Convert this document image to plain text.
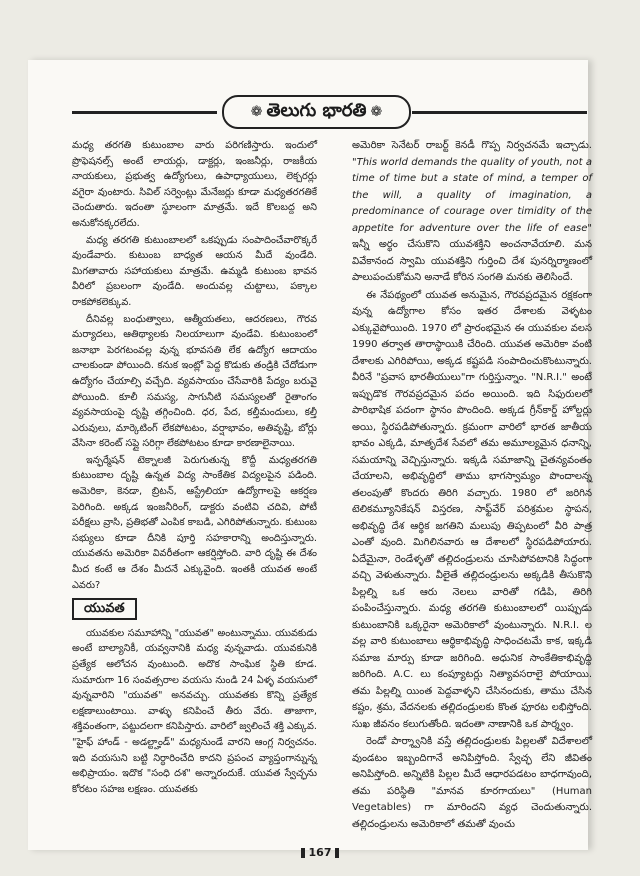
❁ తెలుగు భారతి ❁

మధ్య తరగతి కుటుంబాల వారు పరిగణిస్తారు. ఇందులో ప్రొఫెషనల్స్ అంటే లాయర్లు, డాక్టర్లు, ఇంజనీర్లు, రాజకీయ నాయకులు, ప్రభుత్వ ఉద్యోగులు, ఉపాధ్యాయులు, లెక్చరర్లు వగైరా వుంటారు. సివిల్ సర్వెంట్లు మేనేజర్లు కూడా మధ్యతరగతికే చెందుతారు. ఇదంతా స్థూలంగా మాత్రమే. ఇదే కొలబద్ద అని అనుకోనక్కరలేదు.

మధ్య తరగతి కుటుంబాలలో ఒకప్పుడు సంపాదించేవారొక్కరే వుండేవారు. కుటుంబ బాధ్యత ఆయన మీదే వుండేది. మిగతావారు సహాయకులు మాత్రమే. ఉమ్మడి కుటుంబ భావన వీరిలో ప్రబలంగా వుండేది. అందువల్ల చుట్టాలు, పక్కాల రాకపోకలెక్కువ.

దీనివల్ల బంధుత్వాలు, ఆత్మీయతలు, ఆదరణలు, గౌరవ మర్యాదలు, ఆతిథ్యాలకు నిలయాలుగా వుండేవి. కుటుంబంలో జనాభా పెరగటంవల్ల వున్న భూవసతి లేక ఉద్యోగ ఆదాయం చాలకుండా పోయింది. కనుక ఇంట్లో పెద్ద కొడుకు తండ్రికి చేదోడుగా ఉద్యోగం చేయాల్సి వచ్చేది. వ్యవసాయం చేసేవారికి పేద్యం బరువై పోయింది. కూలీ సమస్య, సాగునీటి సమస్యలతో రైతాంగం వ్యవసాయంపై దృష్టి తగ్గించింది. ధర, పేద, కల్తీమందులు, కల్తీ ఎరువులు, మార్కెటింగ్ లేకపోటటం, వర్షాభావం, అతివృష్టి, బోర్లు వేసినా కరెంట్ సప్లై సరిగ్గా లేకపోటటం కూడా కారణాలైనాయి.

ఇన్ఫర్మేషన్ టెక్నాలజీ పెరుగుతున్న కొద్దీ మధ్యతరగతి కుటుంబాల దృష్టి ఉన్నత విద్య సాంకేతిక విద్యలపైన పడింది. అమెరికా, కెనడా, బ్రిటన్, ఆస్ట్రేలియా ఉద్యోగాలపై ఆకర్షణ పెరిగింది. అక్కడ ఇంజనీరింగ్, డాక్టరు వంటివి చదివి, పోటీ పరీక్షలు వ్రాసి, ప్రతిభతో ఎంపిక కాబడి, ఎగిరిపోతున్నారు. కుటుంబ సభ్యులు కూడా దీనికి పూర్తి సహకారాన్ని అందిస్తున్నారు. యువతను అమెరికా వివరీతంగా ఆకర్షిస్తోంది. వారి దృష్టి ఈ దేశం మీద కంటే ఆ దేశం మీదనే ఎక్కువైంది. ఇంతకీ యువత అంటే ఎవరు?

యువత

యువకుల సమూహాన్ని "యువత" అంటున్నాము. యువకుడు అంటే బాల్యానికీ, యవ్వనానికి మధ్య వున్నవాడు. యువకునికి ప్రత్యేక ఆలోచన వుంటుంది. అదొక సాంఘిక స్థితి కూడ. సుమారుగా 16 సంవత్సరాల వయసు నుండి 24 ఏళ్ళ వయసులో వున్నవారిని "యువత" అనవచ్చు. యువతకు కొన్ని ప్రత్యేక లక్షణాలుంటాయి. వాళ్ళు కనిపించే తీరు వేరు. తాజాగా, శక్తివంతంగా, పట్టుదలగా కనిపిస్తారు. వారిలో జ్వలించే శక్తి ఎక్కువ. "హైఫ్ హాండ్ - అడల్ట్హాండ్" మధ్యనుండే వారని ఆంగ్ల నిర్వచనం. ఇది వయసుని బట్టి నిర్ధారించేది కాదని ప్రపంచ వ్యాప్తంగాన్నున్న అభిప్రాయం. ఇదొక "సంధి దశ" అన్నారందుకే. యువత స్వేచ్ఛను కోరటం సహజ లక్షణం. యువతకు

అమెరికా సెనేటర్ రాబర్ట్ కెనడీ గొప్ప నిర్వచనమే ఇచ్చాడు. "This world demands the quality of youth, not a time of time but a state of mind, a temper of the will, a quality of imagination, a predominance of courage over timidity of the appetite for adventure over the life of ease" ఇన్నీ అర్థం చేసుకొని యువశక్తిని అంచనావేయాలి. మన వివేకానంద స్వామి యువశక్తిని గుర్తించి దేశ పునర్నిర్మాణంలో పాలుపంచుకోమని అనాడే కోరిన సంగతి మనకు తెలిసిందే.

ఈ నేపథ్యంలో యువత అనుమైన, గౌరవప్రదమైన రక్షకంగా వున్న ఉద్యోగాల కోసం ఇతర దేశాలకు వెళ్ళటం ఎక్కువైపోయింది. 1970 లో ప్రారంభమైన ఈ యువకుల వలస 1990 తర్వాత తారాస్థాయికి చేరింది. యువత అమెరికా వంటి దేశాలకు ఎగిరిపోయి, అక్కడ కష్టపడి సంపాదించుకొంటున్నారు. వీరినే "ప్రవాస భారతీయులు"గా గుర్తిస్తున్నాం. "N.R.I." అంటే ఇప్పుడొక గౌరవప్రదమైన పదం అయింది. ఇది సిఫురులలో పారిభాషిక పదంగా స్థానం పొందింది. అక్కడ గ్రీన్‌కార్డ్ హోల్డర్లు అయి, స్థిరపడిపోతున్నారు. క్రమంగా వారిలో భారత జాతీయ భావం ఎక్కడి, మాతృదేశ సేవలో తమ అమూల్యమైన ధనాన్ని, సమయాన్ని వెచ్చిస్తున్నారు. ఇక్కడి సమాజాన్ని చైతన్యవంతం చేయాలని, అభివృద్ధిలో తాము భాగస్వామ్యం పొందాలన్న తలంపుతో కొందరు తిరిగి వచ్చారు. 1980 లో జరిగిన టెలికమ్యూనికేషన్ విస్తరణ, సాఫ్ట్‌వేర్ పరిశ్రమల స్థాపన, అభివృద్ధి దేశ ఆర్థిక జగతిని మలుపు తిప్పటంలో వీరి పాత్ర ఎంతో వుంది. మిగిలినవారు ఆ దేశాలలో స్థిరపడిపోయారు. ఏదేమైనా, రెండేళ్ళతో తల్లిదండ్రులను చూసిపోవటానికి సిద్ధంగా వచ్చి వెళుతున్నారు. వీలైతే తల్లిదండ్రులను అక్కడికి తీసుకొని పిల్లల్ని ఒక ఆరు నెలలు వారితో గడిపి, తిరిగి పంపించేస్తున్నారు. మధ్య తరగతి కుటుంబాలలో యిప్పుడు కుటుంబానికి ఒక్కరైనా అమెరికాలో వుంటున్నారు. N.R.I. ల వల్ల వారి కుటుంబాలు ఆర్థికాభివృద్ధి సాధించటమే కాక, ఇక్కడి సమాజ మార్పు కూడా జరిగింది. అధునిక సాంకేతికాభివృద్ధి జరిగింది. A.C. లు కంప్యూటర్లు నిత్యావసరాలై పోయాయి. తమ పిల్లల్ని యింత పెద్దవాళ్ళని చేసినందుకు, తాము చేసిన కష్టం, శ్రమ, వేదనలకు తల్లిదండ్రులకు కొంత ఫూరట లభిస్తోంది. సుఖ జీవనం కలుగుతోంది. ఇదంతా నాణానికి ఒక పార్శ్వం.

రెండో పార్శ్వానికి వస్తే తల్లిదండ్రులకు పిల్లలతో విదేశాలలో వుండటం ఇబ్బందిగానే అనిపిస్తోంది. స్వేచ్ఛ లేని జీవితం అనిపిస్తోంది. అన్నిటికి పిల్లల మీదే ఆధారపడటం బాధగావుంది, తమ పరిస్థితి "మానవ కూరగాయలు" (Human Vegetables) గా మారిందని వ్యధ చెందుతున్నారు. తల్లిదండ్రులను అమెరికాలో తమతో వుంచు

167
